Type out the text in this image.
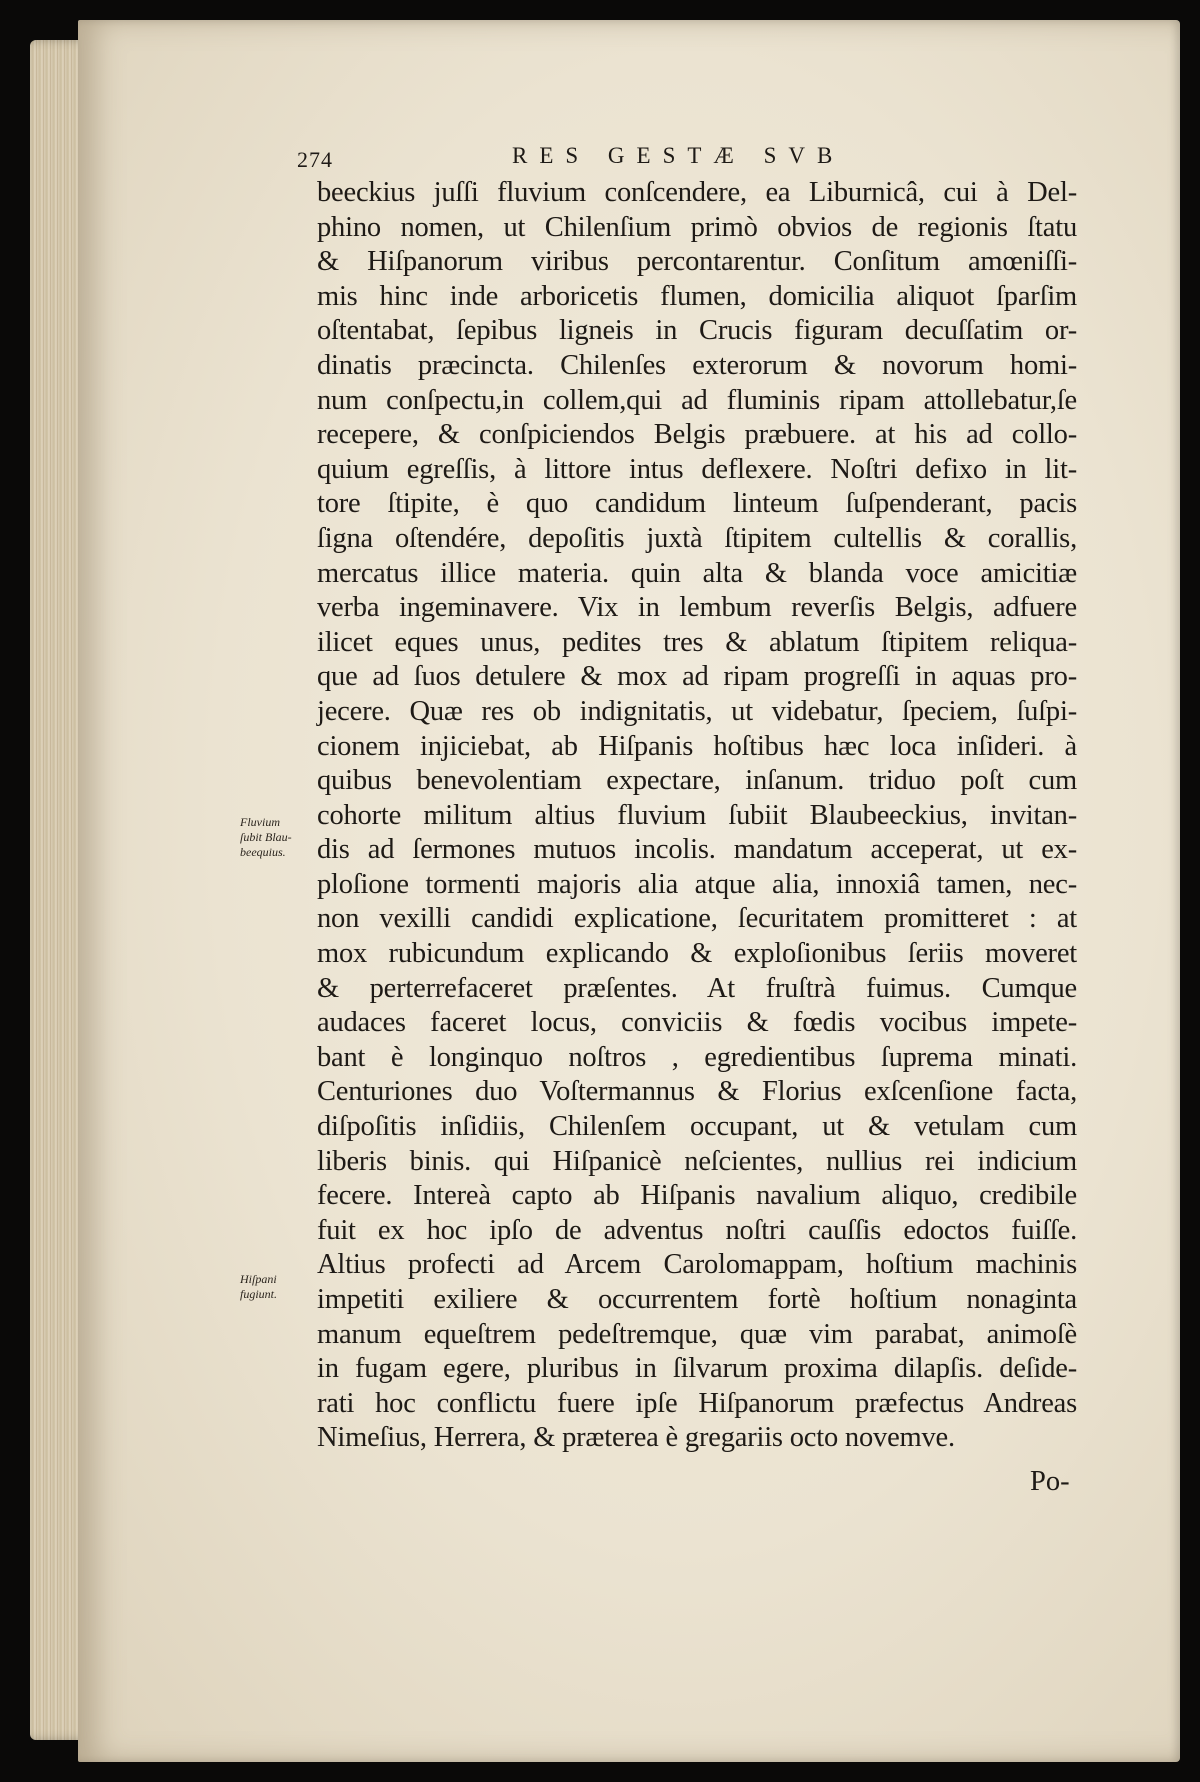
274	RES GESTÆ SVB
Fluvium
ſubit Blau-
beequius.
Hiſpani
fugiunt.
beeckius juſſi fluvium conſcendere, ea Liburnicâ, cui à Del-
phino nomen, ut Chilenſium primò obvios de regionis ſtatu
& Hiſpanorum viribus percontarentur. Conſitum amœniſſi-
mis hinc inde arboricetis flumen, domicilia aliquot ſparſim
oſtentabat, ſepibus ligneis in Crucis figuram decuſſatim or-
dinatis præcincta. Chilenſes exterorum & novorum homi-
num conſpectu,in collem,qui ad fluminis ripam attollebatur,ſe
recepere, & conſpiciendos Belgis præbuere. at his ad collo-
quium egreſſis, à littore intus deflexere. Noſtri defixo in lit-
tore ſtipite, è quo candidum linteum ſuſpenderant, pacis
ſigna oſtendére, depoſitis juxtà ſtipitem cultellis & corallis,
mercatus illice materia. quin alta & blanda voce amicitiæ
verba ingeminavere. Vix in lembum reverſis Belgis, adfuere
ilicet eques unus, pedites tres & ablatum ſtipitem reliqua-
que ad ſuos detulere & mox ad ripam progreſſi in aquas pro-
jecere. Quæ res ob indignitatis, ut videbatur, ſpeciem, ſuſpi-
cionem injiciebat, ab Hiſpanis hoſtibus hæc loca inſideri. à
quibus benevolentiam expectare, inſanum. triduo poſt cum
cohorte militum altius fluvium ſubiit Blaubeeckius, invitan-
dis ad ſermones mutuos incolis. mandatum acceperat, ut ex-
ploſione tormenti majoris alia atque alia, innoxiâ tamen, nec-
non vexilli candidi explicatione, ſecuritatem promitteret : at
mox rubicundum explicando & exploſionibus ſeriis moveret
& perterrefaceret præſentes. At fruſtrà fuimus. Cumque
audaces faceret locus, conviciis & fœdis vocibus impete-
bant è longinquo noſtros , egredientibus ſuprema minati.
Centuriones duo Voſtermannus & Florius exſcenſione facta,
diſpoſitis inſidiis, Chilenſem occupant, ut & vetulam cum
liberis binis. qui Hiſpanicè neſcientes, nullius rei indicium
fecere. Intereà capto ab Hiſpanis navalium aliquo, credibile
fuit ex hoc ipſo de adventus noſtri cauſſis edoctos fuiſſe.
Altius profecti ad Arcem Carolomappam, hoſtium machinis
impetiti exiliere & occurrentem fortè hoſtium nonaginta
manum equeſtrem pedeſtremque, quæ vim parabat, animoſè
in fugam egere, pluribus in ſilvarum proxima dilapſis. deſide-
rati hoc conflictu fuere ipſe Hiſpanorum præfectus Andreas
Nimeſius, Herrera, & prætereа è gregariis octo novemve.
Po-
